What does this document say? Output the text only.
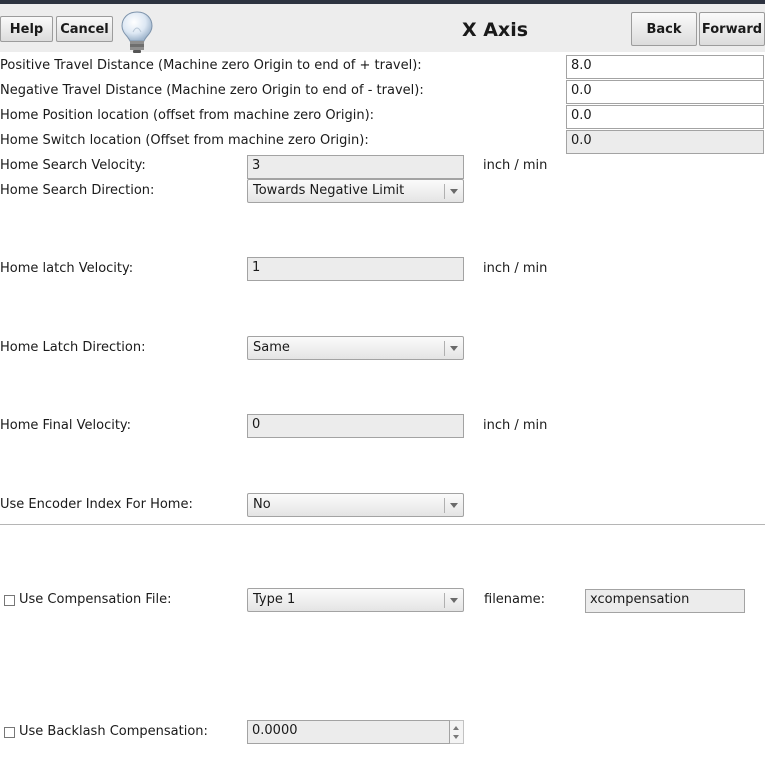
Help	Cancel	X Axis	Back	Forward
Positive Travel Distance (Machine zero Origin to end of + travel):	8.0
Negative Travel Distance (Machine zero Origin to end of - travel):	0.0
Home Position location (offset from machine zero Origin):	0.0
Home Switch location (Offset from machine zero Origin):	0.0
Home Search Velocity:	3	inch / min
Home Search Direction:	Towards Negative Limit
Home latch Velocity:	1	inch / min
Home Latch Direction:	Same
Home Final Velocity:	0	inch / min
Use Encoder Index For Home:	No
Use Compensation File:	Type 1	filename:	xcompensation
Use Backlash Compensation:	0.0000
